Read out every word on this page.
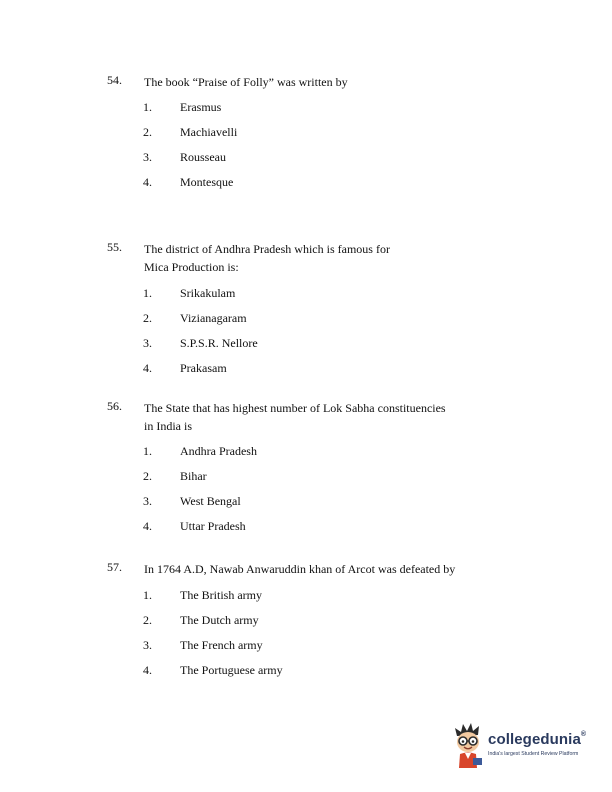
54. The book “Praise of Folly” was written by
1. Erasmus
2. Machiavelli
3. Rousseau
4. Montesque
55. The district of Andhra Pradesh which is famous for
Mica Production is:
1. Srikakulam
2. Vizianagaram
3. S.P.S.R. Nellore
4. Prakasam
56. The State that has highest number of Lok Sabha constituencies
in India is
1. Andhra Pradesh
2. Bihar
3. West Bengal
4. Uttar Pradesh
57. In 1764 A.D, Nawab Anwaruddin khan of Arcot was defeated by
1. The British army
2. The Dutch army
3. The French army
4. The Portuguese army
collegedunia®
India's largest Student Review Platform
